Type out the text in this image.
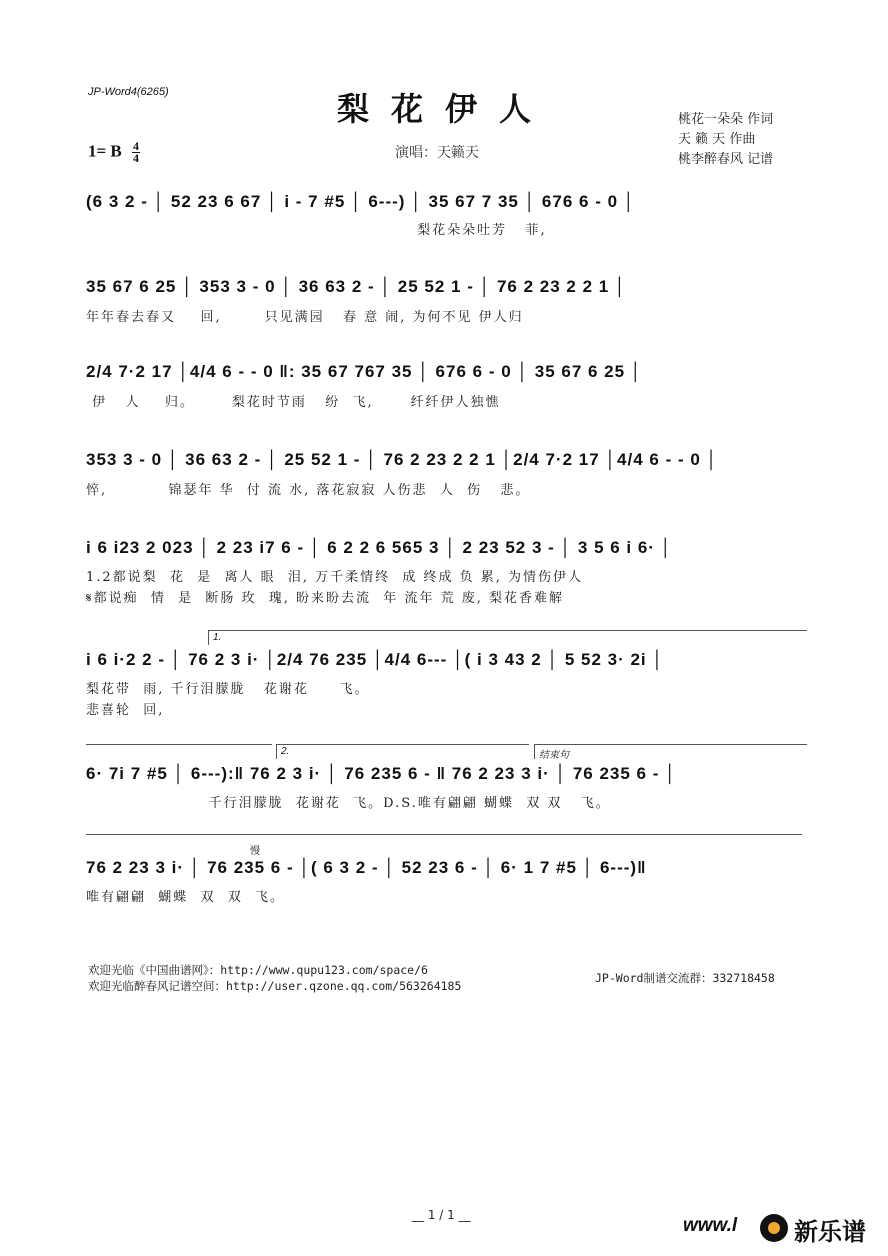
JP-Word4(6265)	梨花伊人
1= B $\frac{4}{4}$	演唱：天籁天
桃花一朵朵 作词
天 籁 天 作曲
桃李醉春风 记谱
(6 3 2 - │ 52 23 6 67 │ i - 7 #5 │ 6---) │ 35 67 7 35 │ 676 6 - 0 │
梨花朵朵吐芳   菲,
35 67 6 25 │ 353 3 - 0 │ 36 63 2 - │ 25 52 1 - │ 76 2 23 2 2 1 │
年年春去春又    回,       只见满园   春 意 闹, 为何不见 伊人归
2/4 7·2 17 │4/4 6 - - 0 ‖: 35 67 767 35 │ 676 6 - 0 │ 35 67 6 25 │
伊   人    归。      梨花时节雨   纷  飞,      纤纤伊人独憔
353 3 - 0 │ 36 63 2 - │ 25 52 1 - │ 76 2 23 2 2 1 │2/4 7·2 17 │4/4 6 - - 0 │
悴,          锦瑟年 华  付 流 水, 落花寂寂 人伤悲  人  伤   悲。
i 6 i23 2 023 │ 2 23 i7 6 - │ 6 2 2 6 565 3 │ 2 23 52 3 - │ 3 5 6 i 6· │
1.2都说梨  花  是  离人 眼  泪, 万千柔情终  成 终成 负 累, 为情伤伊人
𝄋都说痴  情  是  断肠 玫  瑰, 盼来盼去流  年 流年 荒 废, 梨花香难解
1.
i 6 i·2 2 - │ 76 2 3 i· │2/4 76 235 │4/4 6--- │( i 3 43 2 │ 5 52 3· 2i │
梨花带  雨, 千行泪朦胧   花谢花     飞。
悲喜轮  回,
2.	结束句
6· 7i 7 #5 │ 6---):‖ 76 2 3 i· │ 76 235 6 - ‖ 76 2 23 3 i· │ 76 235 6 - │
千行泪朦胧  花谢花  飞。D.S.唯有翩翩 蝴蝶  双 双   飞。
慢
76 2 23 3 i· │ 76 235 6 - │( 6 3 2 - │ 52 23 6 - │ 6· 1 7 #5 │ 6---)‖
唯有翩翩  蝴蝶  双  双  飞。
欢迎光临《中国曲谱网》：http://www.qupu123.com/space/6
欢迎光临醉春风记谱空间：http://user.qzone.qq.com/563264185
JP-Word制谱交流群：332718458
__ 1 / 1 __	www.l 新乐谱
